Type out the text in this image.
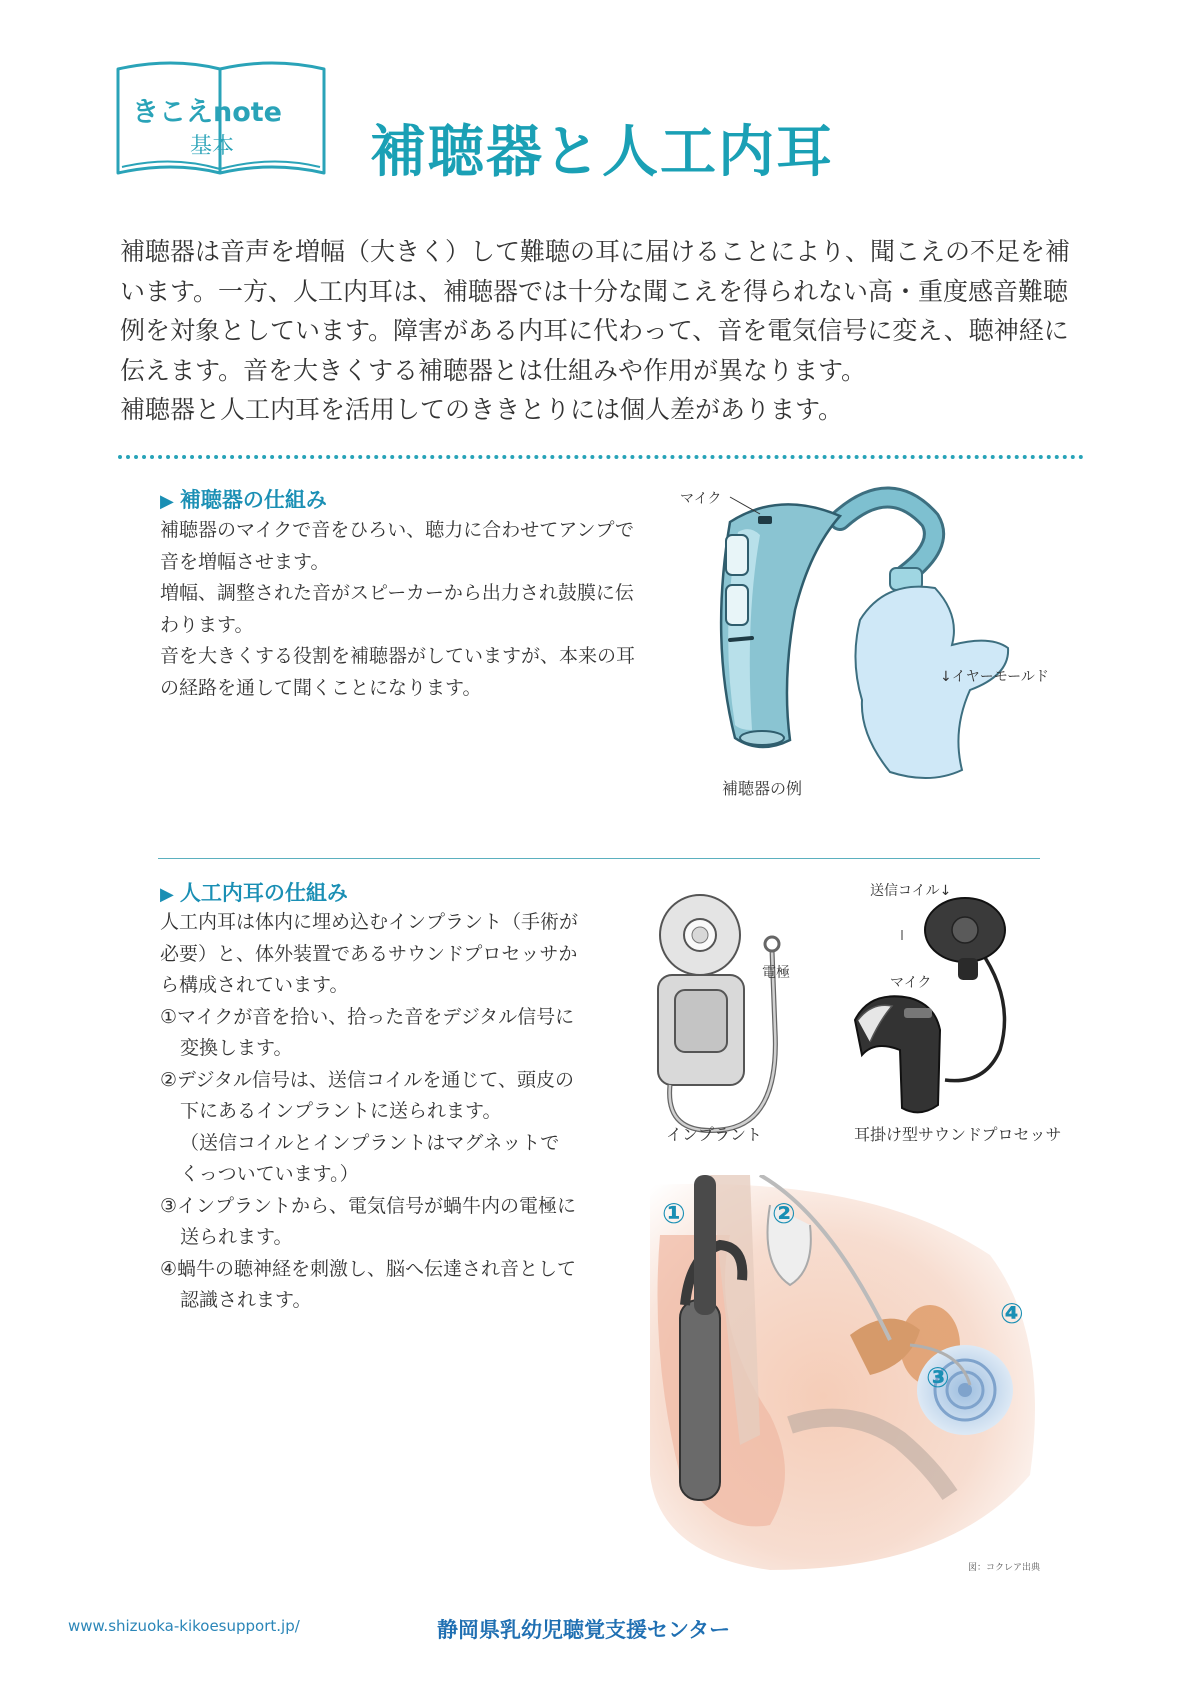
きこえnote
基本 補聴器と人工内耳

補聴器は音声を増幅（大きく）して難聴の耳に届けることにより、聞こえの不足を補

います。一方、人工内耳は、補聴器では十分な聞こえを得られない高・重度感音難聴

例を対象としています。障害がある内耳に代わって、音を電気信号に変え、聴神経に

伝えます。音を大きくする補聴器とは仕組みや作用が異なります。

補聴器と人工内耳を活用してのききとりには個人差があります。

▶ 補聴器の仕組み

補聴器のマイクで音をひろい、聴力に合わせてアンプで

音を増幅させます。

増幅、調整された音がスピーカーから出力され鼓膜に伝

わります。

音を大きくする役割を補聴器がしていますが、本来の耳

の経路を通して聞くことになります。

マイク
↓イヤーモールド
補聴器の例
▶ 人工内耳の仕組み

人工内耳は体内に埋め込むインプラント（手術が

必要）と、体外装置であるサウンドプロセッサか

ら構成されています。

①マイクが音を拾い、拾った音をデジタル信号に

変換します。

②デジタル信号は、送信コイルを通じて、頭皮の

下にあるインプラントに送られます。

（送信コイルとインプラントはマグネットで

くっついています。）

③インプラントから、電気信号が蝸牛内の電極に

送られます。

④蝸牛の聴神経を刺激し、脳へ伝達され音として

認識されます。

電極
インプラント
送信コイル↓
マイク
耳掛け型サウンドプロセッサ
①	②
③
④
図：コクレア出典
www.shizuoka-kikoesupport.jp/	静岡県乳幼児聴覚支援センター
